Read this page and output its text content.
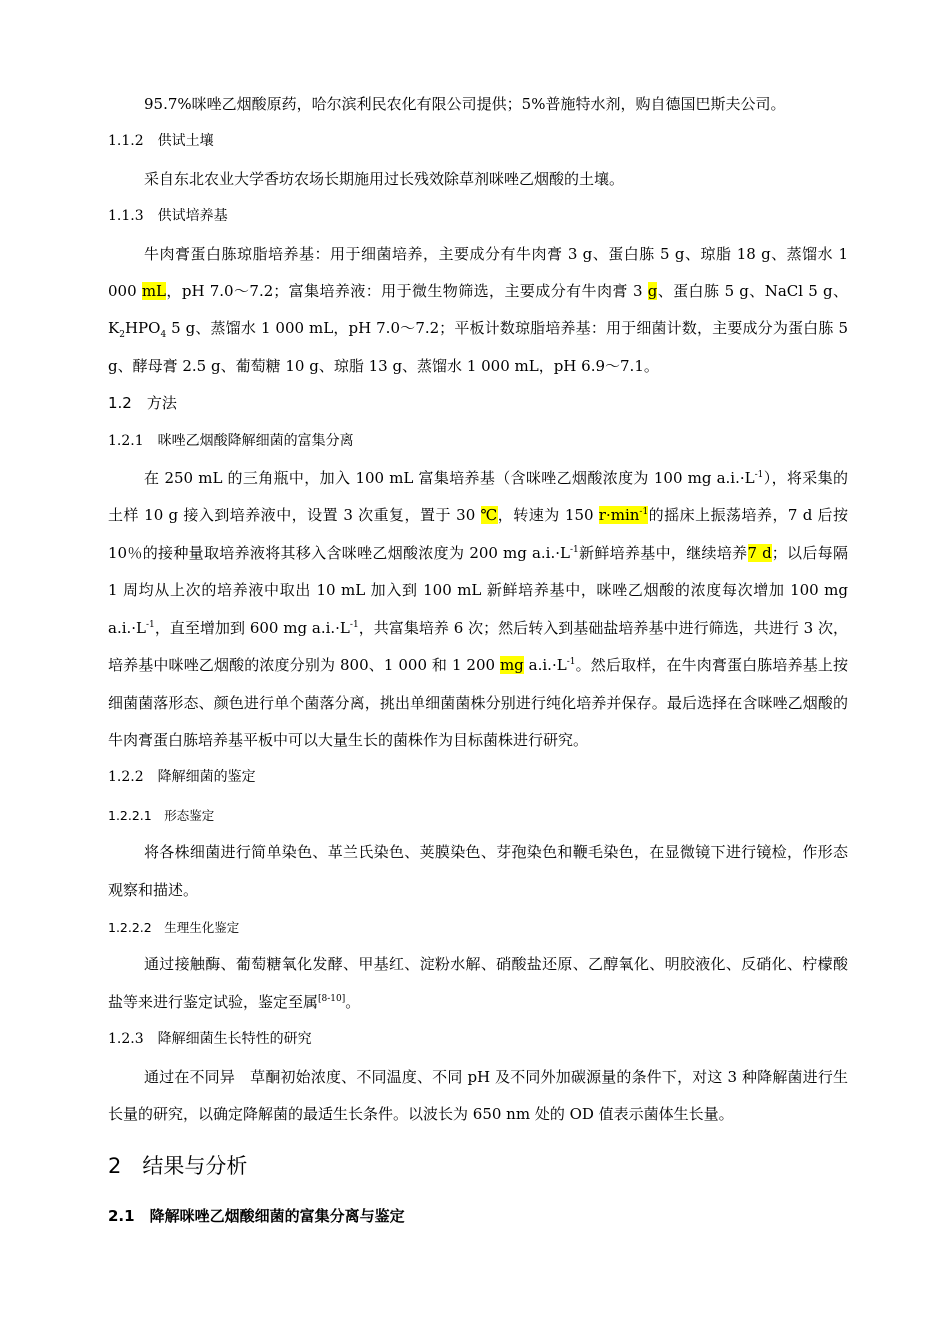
95.7%咪唑乙烟酸原药，哈尔滨利民农化有限公司提供；5%普施特水剂，购自德国巴斯夫公司。

1.1.2　供试土壤

采自东北农业大学香坊农场长期施用过长残效除草剂咪唑乙烟酸的土壤。

1.1.3　供试培养基

牛肉膏蛋白胨琼脂培养基：用于细菌培养，主要成分有牛肉膏 3 g、蛋白胨 5 g、琼脂 18 g、蒸馏水 1 000 mL，pH 7.0～7.2；富集培养液：用于微生物筛选，主要成分有牛肉膏 3 g、蛋白胨 5 g、NaCl 5 g、$K_2HPO_4$ 5 g、蒸馏水 1 000 mL，pH 7.0～7.2；平板计数琼脂培养基：用于细菌计数，主要成分为蛋白胨 5 g、酵母膏 2.5 g、葡萄糖 10 g、琼脂 13 g、蒸馏水 1 000 mL，pH 6.9～7.1。

1.2　方法

1.2.1　咪唑乙烟酸降解细菌的富集分离

在 250 mL 的三角瓶中，加入 100 mL 富集培养基（含咪唑乙烟酸浓度为 100 mg $a.i.\cdot L^{-1}$），将采集的土样 10 g 接入到培养液中，设置 3 次重复，置于 30 ℃，转速为 150 $r\cdot\min^{-1}$的摇床上振荡培养，7 d 后按 10％的接种量取培养液将其移入含咪唑乙烟酸浓度为 200 mg $a.i.\cdot L^{-1}$新鲜培养基中，继续培养7 d；以后每隔 1 周均从上次的培养液中取出 10 mL 加入到 100 mL 新鲜培养基中，咪唑乙烟酸的浓度每次增加 100 mg $a.i.\cdot L^{-1}$，直至增加到 600 mg $a.i.\cdot L^{-1}$，共富集培养 6 次；然后转入到基础盐培养基中进行筛选，共进行 3 次，培养基中咪唑乙烟酸的浓度分别为 800、1 000 和 1 200 mg $a.i.\cdot L^{-1}$。然后取样，在牛肉膏蛋白胨培养基上按细菌菌落形态、颜色进行单个菌落分离，挑出单细菌菌株分别进行纯化培养并保存。最后选择在含咪唑乙烟酸的牛肉膏蛋白胨培养基平板中可以大量生长的菌株作为目标菌株进行研究。

1.2.2　降解细菌的鉴定

1.2.2.1　形态鉴定

将各株细菌进行简单染色、革兰氏染色、荚膜染色、芽孢染色和鞭毛染色，在显微镜下进行镜检，作形态观察和描述。

1.2.2.2　生理生化鉴定

通过接触酶、葡萄糖氧化发酵、甲基红、淀粉水解、硝酸盐还原、乙醇氧化、明胶液化、反硝化、柠檬酸盐等来进行鉴定试验，鉴定至属[8-10]。

1.2.3　降解细菌生长特性的研究

通过在不同异　草酮初始浓度、不同温度、不同 pH 及不同外加碳源量的条件下，对这 3 种降解菌进行生长量的研究，以确定降解菌的最适生长条件。以波长为 650 nm 处的 OD 值表示菌体生长量。

2　结果与分析

2.1　降解咪唑乙烟酸细菌的富集分离与鉴定
